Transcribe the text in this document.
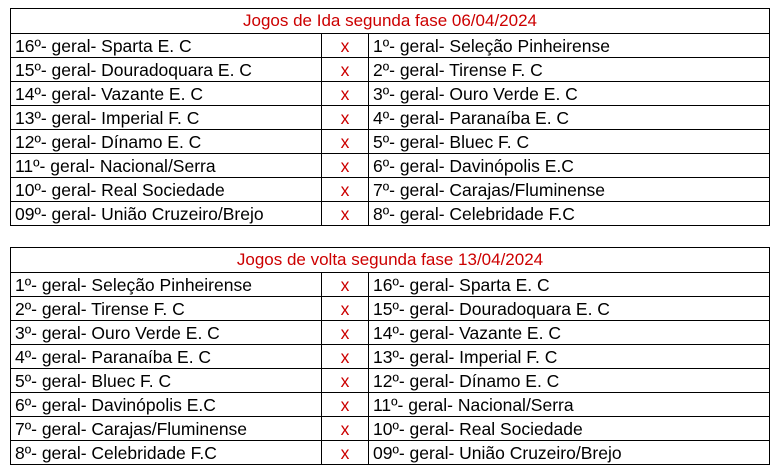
Jogos de Ida segunda fase 06/04/2024
16º- geral- Sparta E. C	x	1º- geral- Seleção Pinheirense
15º- geral- Douradoquara E. C	x	2º- geral- Tirense F. C
14º- geral- Vazante E. C	x	3º- geral- Ouro Verde E. C
13º- geral- Imperial F. C	x	4º- geral- Paranaíba E. C
12º- geral- Dínamo E. C	x	5º- geral- Bluec F. C
11º- geral- Nacional/Serra	x	6º- geral- Davinópolis E.C
10º- geral- Real Sociedade	x	7º- geral- Carajas/Fluminense
09º- geral- União Cruzeiro/Brejo	x	8º- geral- Celebridade F.C
Jogos de volta segunda fase 13/04/2024
1º- geral- Seleção Pinheirense	x	16º- geral- Sparta E. C
2º- geral- Tirense F. C	x	15º- geral- Douradoquara E. C
3º- geral- Ouro Verde E. C	x	14º- geral- Vazante E. C
4º- geral- Paranaíba E. C	x	13º- geral- Imperial F. C
5º- geral- Bluec F. C	x	12º- geral- Dínamo E. C
6º- geral- Davinópolis E.C	x	11º- geral- Nacional/Serra
7º- geral- Carajas/Fluminense	x	10º- geral- Real Sociedade
8º- geral- Celebridade F.C	x	09º- geral- União Cruzeiro/Brejo
